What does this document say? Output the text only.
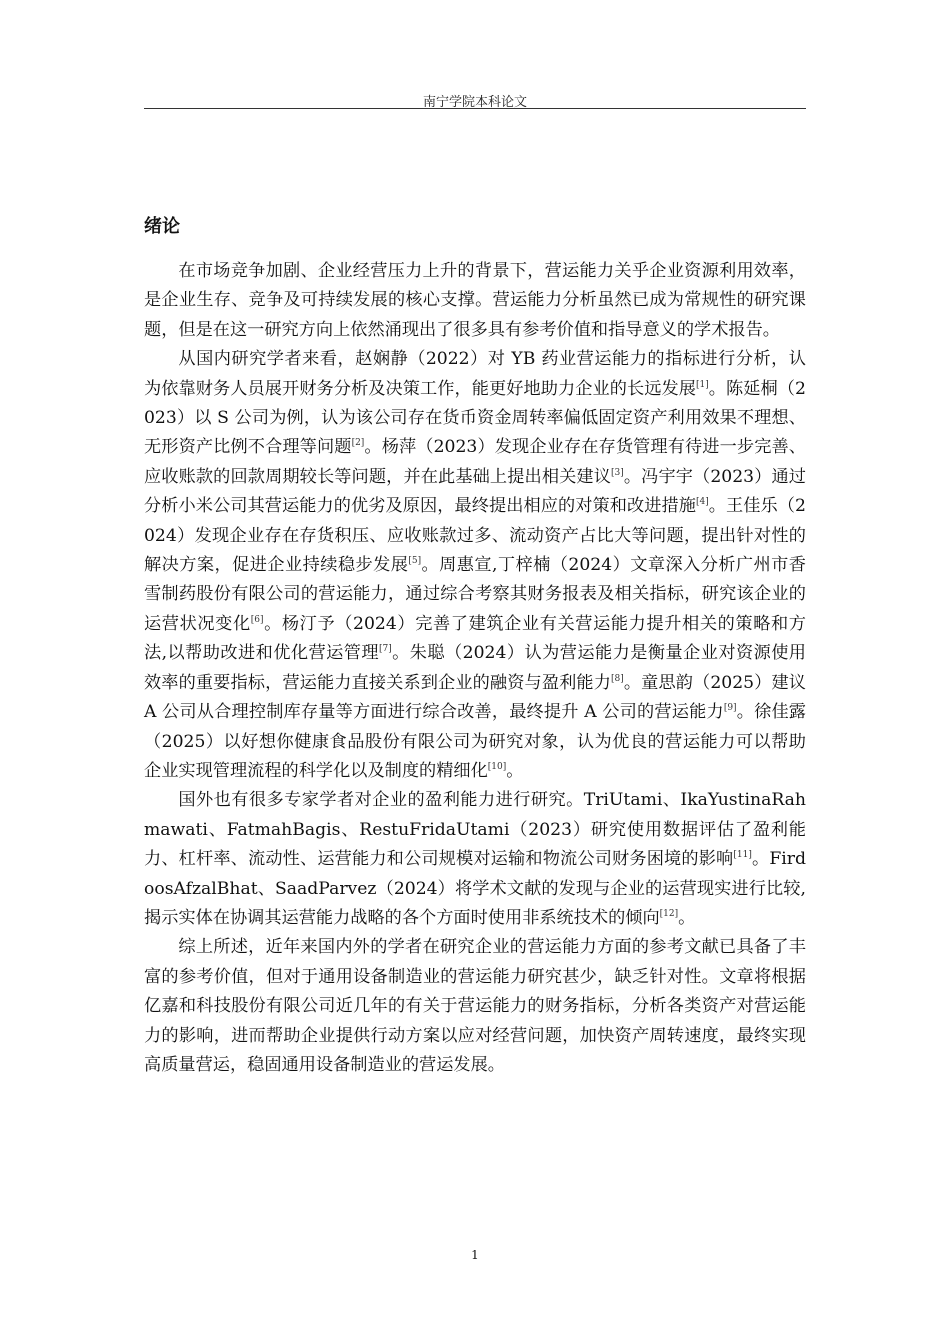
南宁学院本科论文
绪论

在市场竞争加剧、企业经营压力上升的背景下，营运能力关乎企业资源利用效率，是企业生存、竞争及可持续发展的核心支撑。营运能力分析虽然已成为常规性的研究课题，但是在这一研究方向上依然涌现出了很多具有参考价值和指导意义的学术报告。

从国内研究学者来看，赵娴静（2022）对 YB 药业营运能力的指标进行分析，认为依靠财务人员展开财务分析及决策工作，能更好地助力企业的长远发展[1]。陈延桐（2023）以 S 公司为例，认为该公司存在货币资金周转率偏低固定资产利用效果不理想、无形资产比例不合理等问题[2]。杨萍（2023）发现企业存在存货管理有待进一步完善、应收账款的回款周期较长等问题，并在此基础上提出相关建议[3]。冯宇宇（2023）通过分析小米公司其营运能力的优劣及原因，最终提出相应的对策和改进措施[4]。王佳乐（2024）发现企业存在存货积压、应收账款过多、流动资产占比大等问题，提出针对性的解决方案，促进企业持续稳步发展[5]。周惠宣,丁梓楠（2024）文章深入分析广州市香雪制药股份有限公司的营运能力，通过综合考察其财务报表及相关指标，研究该企业的运营状况变化[6]。杨汀予（2024）完善了建筑企业有关营运能力提升相关的策略和方法,以帮助改进和优化营运管理[7]。朱聪（2024）认为营运能力是衡量企业对资源使用效率的重要指标，营运能力直接关系到企业的融资与盈利能力[8]。童思韵（2025）建议 A 公司从合理控制库存量等方面进行综合改善，最终提升 A 公司的营运能力[9]。徐佳露（2025）以好想你健康食品股份有限公司为研究对象，认为优良的营运能力可以帮助企业实现管理流程的科学化以及制度的精细化[10]。

国外也有很多专家学者对企业的盈利能力进行研究。TriUtami、IkaYustinaRahmawati、FatmahBagis、RestuFridaUtami（2023）研究使用数据评估了盈利能力、杠杆率、流动性、运营能力和公司规模对运输和物流公司财务困境的影响[11]。FirdoosAfzalBhat、SaadParvez（2024）将学术文献的发现与企业的运营现实进行比较,揭示实体在协调其运营能力战略的各个方面时使用非系统技术的倾向[12]。

综上所述，近年来国内外的学者在研究企业的营运能力方面的参考文献已具备了丰富的参考价值，但对于通用设备制造业的营运能力研究甚少，缺乏针对性。文章将根据亿嘉和科技股份有限公司近几年的有关于营运能力的财务指标，分析各类资产对营运能力的影响，进而帮助企业提供行动方案以应对经营问题，加快资产周转速度，最终实现高质量营运，稳固通用设备制造业的营运发展。

1
